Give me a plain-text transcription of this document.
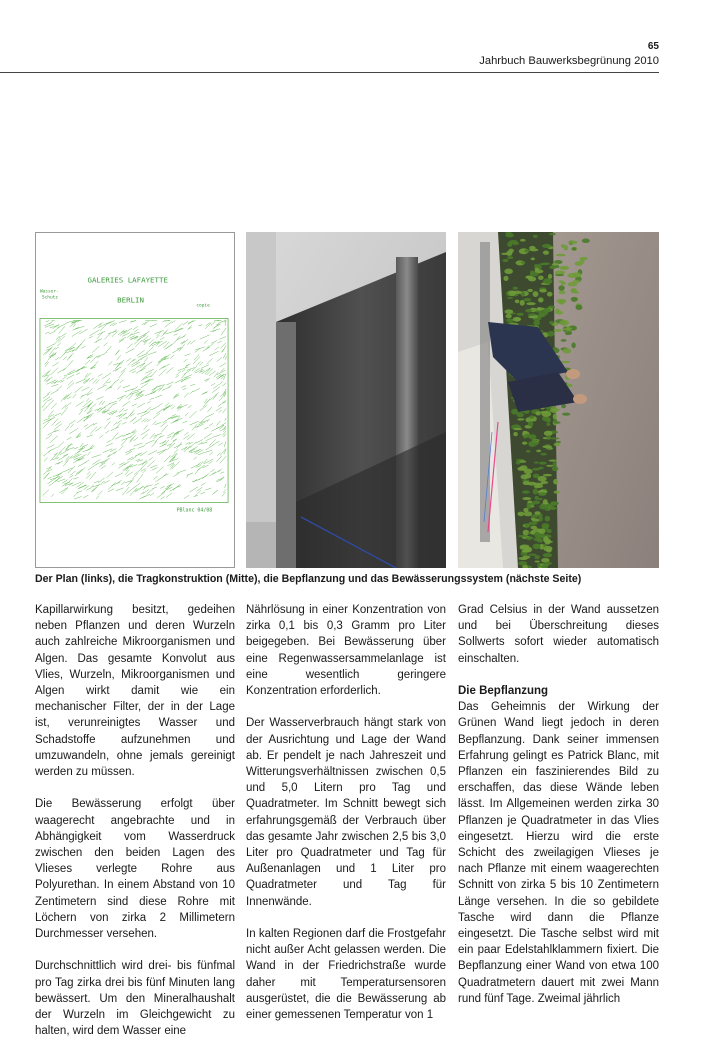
65
Jahrbuch Bauwerksbegrünung 2010
GALERIES LAFAYETTE
BERLIN
Wasser-
Schutz
copie
PBlanc 04/08
Der Plan (links), die Tragkonstruktion (Mitte), die Bepflanzung und das Bewässerungssystem (nächste Seite)

Kapillarwirkung besitzt, gedeihen neben Pflanzen und deren Wurzeln auch zahlreiche Mikroorganismen und Algen. Das gesamte Konvolut aus Vlies, Wurzeln, Mikroorganismen und Algen wirkt damit wie ein mechanischer Filter, der in der Lage ist, verunreinigtes Wasser und Schadstoffe aufzunehmen und umzuwandeln, ohne jemals gereinigt werden zu müssen.

Die Bewässerung erfolgt über waagerecht angebrachte und in Abhängigkeit vom Wasserdruck zwischen den beiden Lagen des Vlieses verlegte Rohre aus Polyurethan. In einem Abstand von 10 Zentimetern sind diese Rohre mit Löchern von zirka 2 Millimetern Durchmesser versehen.

Durchschnittlich wird drei- bis fünfmal pro Tag zirka drei bis fünf Minuten lang bewässert. Um den Mineralhaushalt der Wurzeln im Gleichgewicht zu halten, wird dem Wasser eine

Nährlösung in einer Konzentration von zirka 0,1 bis 0,3 Gramm pro Liter beigegeben. Bei Bewässerung über eine Regenwassersammelanlage ist eine wesentlich geringere Konzentration erforderlich.

Der Wasserverbrauch hängt stark von der Ausrichtung und Lage der Wand ab. Er pendelt je nach Jahreszeit und Witterungsverhältnissen zwischen 0,5 und 5,0 Litern pro Tag und Quadratmeter. Im Schnitt bewegt sich erfahrungsgemäß der Verbrauch über das gesamte Jahr zwischen 2,5 bis 3,0 Liter pro Quadratmeter und Tag für Außenanlagen und 1 Liter pro Quadratmeter und Tag für Innenwände.

In kalten Regionen darf die Frostgefahr nicht außer Acht gelassen werden. Die Wand in der Friedrichstraße wurde daher mit Temperatursensoren ausgerüstet, die die Bewässerung ab einer gemessenen Temperatur von 1

Grad Celsius in der Wand aussetzen und bei Überschreitung dieses Sollwerts sofort wieder automatisch einschalten.

Die Bepflanzung

Das Geheimnis der Wirkung der Grünen Wand liegt jedoch in deren Bepflanzung. Dank seiner immensen Erfahrung gelingt es Patrick Blanc, mit Pflanzen ein faszinierendes Bild zu erschaffen, das diese Wände leben lässt. Im Allgemeinen werden zirka 30 Pflanzen je Quadratmeter in das Vlies eingesetzt. Hierzu wird die erste Schicht des zweilagigen Vlieses je nach Pflanze mit einem waagerechten Schnitt von zirka 5 bis 10 Zentimetern Länge versehen. In die so gebildete Tasche wird dann die Pflanze eingesetzt. Die Tasche selbst wird mit ein paar Edelstahlklammern fixiert. Die Bepflanzung einer Wand von etwa 100 Quadratmetern dauert mit zwei Mann rund fünf Tage. Zweimal jährlich
